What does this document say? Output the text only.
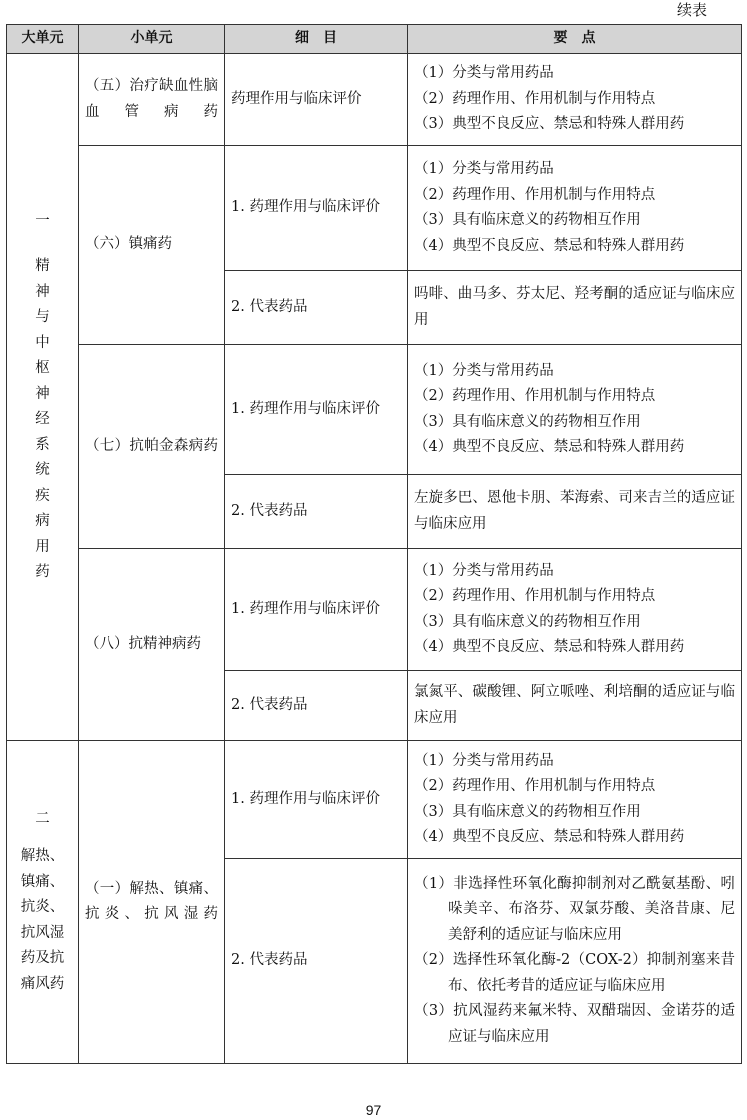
续表
大单元	小单元	细　目	要　点

一
精神与中枢神经系统疾病用药	（五）治疗缺血性脑血管病药	药理作用与临床评价	（1）分类与常用药品
（2）药理作用、作用机制与作用特点
（3）典型不良反应、禁忌和特殊人群用药

	（六）镇痛药	1. 药理作用与临床评价	（1）分类与常用药品
（2）药理作用、作用机制与作用特点
（3）具有临床意义的药物相互作用
（4）典型不良反应、禁忌和特殊人群用药

		2. 代表药品	吗啡、曲马多、芬太尼、羟考酮的适应证与临床应用

	（七）抗帕金森病药	1. 药理作用与临床评价	（1）分类与常用药品
（2）药理作用、作用机制与作用特点
（3）具有临床意义的药物相互作用
（4）典型不良反应、禁忌和特殊人群用药

		2. 代表药品	左旋多巴、恩他卡朋、苯海索、司来吉兰的适应证与临床应用

	（八）抗精神病药	1. 药理作用与临床评价	（1）分类与常用药品
（2）药理作用、作用机制与作用特点
（3）具有临床意义的药物相互作用
（4）典型不良反应、禁忌和特殊人群用药

		2. 代表药品	氯氮平、碳酸锂、阿立哌唑、利培酮的适应证与临床应用

二
解热、镇痛、抗炎、抗风湿药及抗痛风药	（一）解热、镇痛、抗炎、抗风湿药	1. 药理作用与临床评价	（1）分类与常用药品
（2）药理作用、作用机制与作用特点
（3）具有临床意义的药物相互作用
（4）典型不良反应、禁忌和特殊人群用药

		2. 代表药品	（1）非选择性环氧化酶抑制剂对乙酰氨基酚、吲哚美辛、布洛芬、双氯芬酸、美洛昔康、尼美舒利的适应证与临床应用
（2）选择性环氧化酶-2（COX-2）抑制剂塞来昔布、依托考昔的适应证与临床应用
（3）抗风湿药来氟米特、双醋瑞因、金诺芬的适应证与临床应用
97
